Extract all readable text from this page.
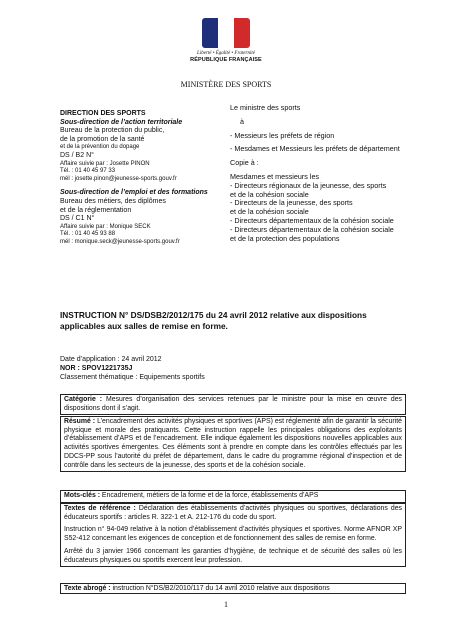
Liberté • Égalité • Fraternité
RÉPUBLIQUE FRANÇAISE
MINISTÈRE DES SPORTS
DIRECTION DES SPORTS
Sous-direction de l’action territoriale
Bureau de la protection du public,
de la promotion de la santé
et de la prévention du dopage
DS / B2 N°
Affaire suivie par : Josette PINON
Tél. : 01 40 45 97 33
mél : josette.pinon@jeunesse-sports.gouv.fr
Sous-direction de l’emploi et des formations
Bureau des métiers, des diplômes
et de la réglementation
DS / C1 N°
Affaire suivie par : Monique SECK
Tél. : 01 40 45 93 88
mél : monique.seck@jeunesse-sports.gouv.fr

Le ministre des sports

à

- Messieurs les préfets de région

- Mesdames et Messieurs les préfets de département

Copie à :

Mesdames et messieurs les
- Directeurs régionaux de la jeunesse, des sports
et de la cohésion sociale
- Directeurs de la jeunesse, des sports
et de la cohésion sociale
- Directeurs départementaux de la cohésion sociale
- Directeurs départementaux de la cohésion sociale
et de la protection des populations
INSTRUCTION N° DS/DSB2/2012/175 du 24 avril 2012 relative aux dispositions applicables aux salles de remise en forme.
Date d’application : 24 avril 2012
NOR : SPOV1221735J
Classement thématique : Equipements sportifs
Catégorie : Mesures d’organisation des services retenues par le ministre pour la mise en œuvre des dispositions dont il s’agit.
Résumé : L’encadrement des activités physiques et sportives (APS) est réglementé afin de garantir la sécurité physique et morale des pratiquants. Cette instruction rappelle les principales obligations des exploitants d’établissement d’APS et de l’encadrement. Elle indique également les dispositions nouvelles applicables aux activités sportives émergentes. Ces éléments sont à prendre en compte dans les contrôles effectués par les DDCS-PP sous l’autorité du préfet de département, dans le cadre du programme régional d’inspection et de contrôle dans les secteurs de la jeunesse, des sports et de la cohésion sociale.
Mots-clés : Encadrement, métiers de la forme et de la force, établissements d’APS

Textes de référence : Déclaration des établissements d’activités physiques ou sportives, déclarations des éducateurs sportifs : articles R. 322-1 et A. 212-176 du code du sport.

Instruction n° 94-049 relative à la notion d’établissement d’activités physiques et sportives. Norme AFNOR XP S52-412 concernant les exigences de conception et de fonctionnement des salles de remise en forme.

Arrêté du 3 janvier 1966 concernant les garanties d’hygiène, de technique et de sécurité des salles où les éducateurs physiques ou sportifs exercent leur profession.

Texte abrogé : instruction N°DS/B2/2010/117 du 14 avril 2010 relative aux dispositions
1
